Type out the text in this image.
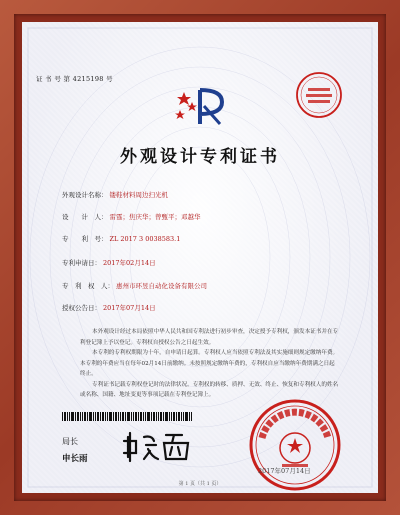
证 书 号 第 4215198 号
外观设计专利证书
外观设计名称： 镂鞋材料周边扫光机
设　　计　人： 雷霆；焦庆华；曾甄平；邓越华
专　　利　号： ZL 2017 3 0038583.1
专利申请日： 2017年02月14日
专　利　权　人： 惠州市环昱自动化设备有限公司
授权公告日： 2017年07月14日
本外观设计经过本局依照中华人民共和国专利法进行初步审查，决定授予专利权，颁发本证书并在专利登记簿上予以登记。专利权自授权公告之日起生效。
本专利的专利权期限为十年，自申请日起算。专利权人应当依照专利法及其实施细则规定缴纳年费。本专利的年费应当在每年02月14日前缴纳。未按照规定缴纳年费的，专利权自应当缴纳年费期满之日起终止。
专利证书记载专利权登记时的法律状况。专利权的转移、质押、无效、终止、恢复和专利权人的姓名或名称、国籍、地址变更等事项记载在专利登记簿上。
局长
申长雨
2017年07月14日
第 1 页（共 1 页）
